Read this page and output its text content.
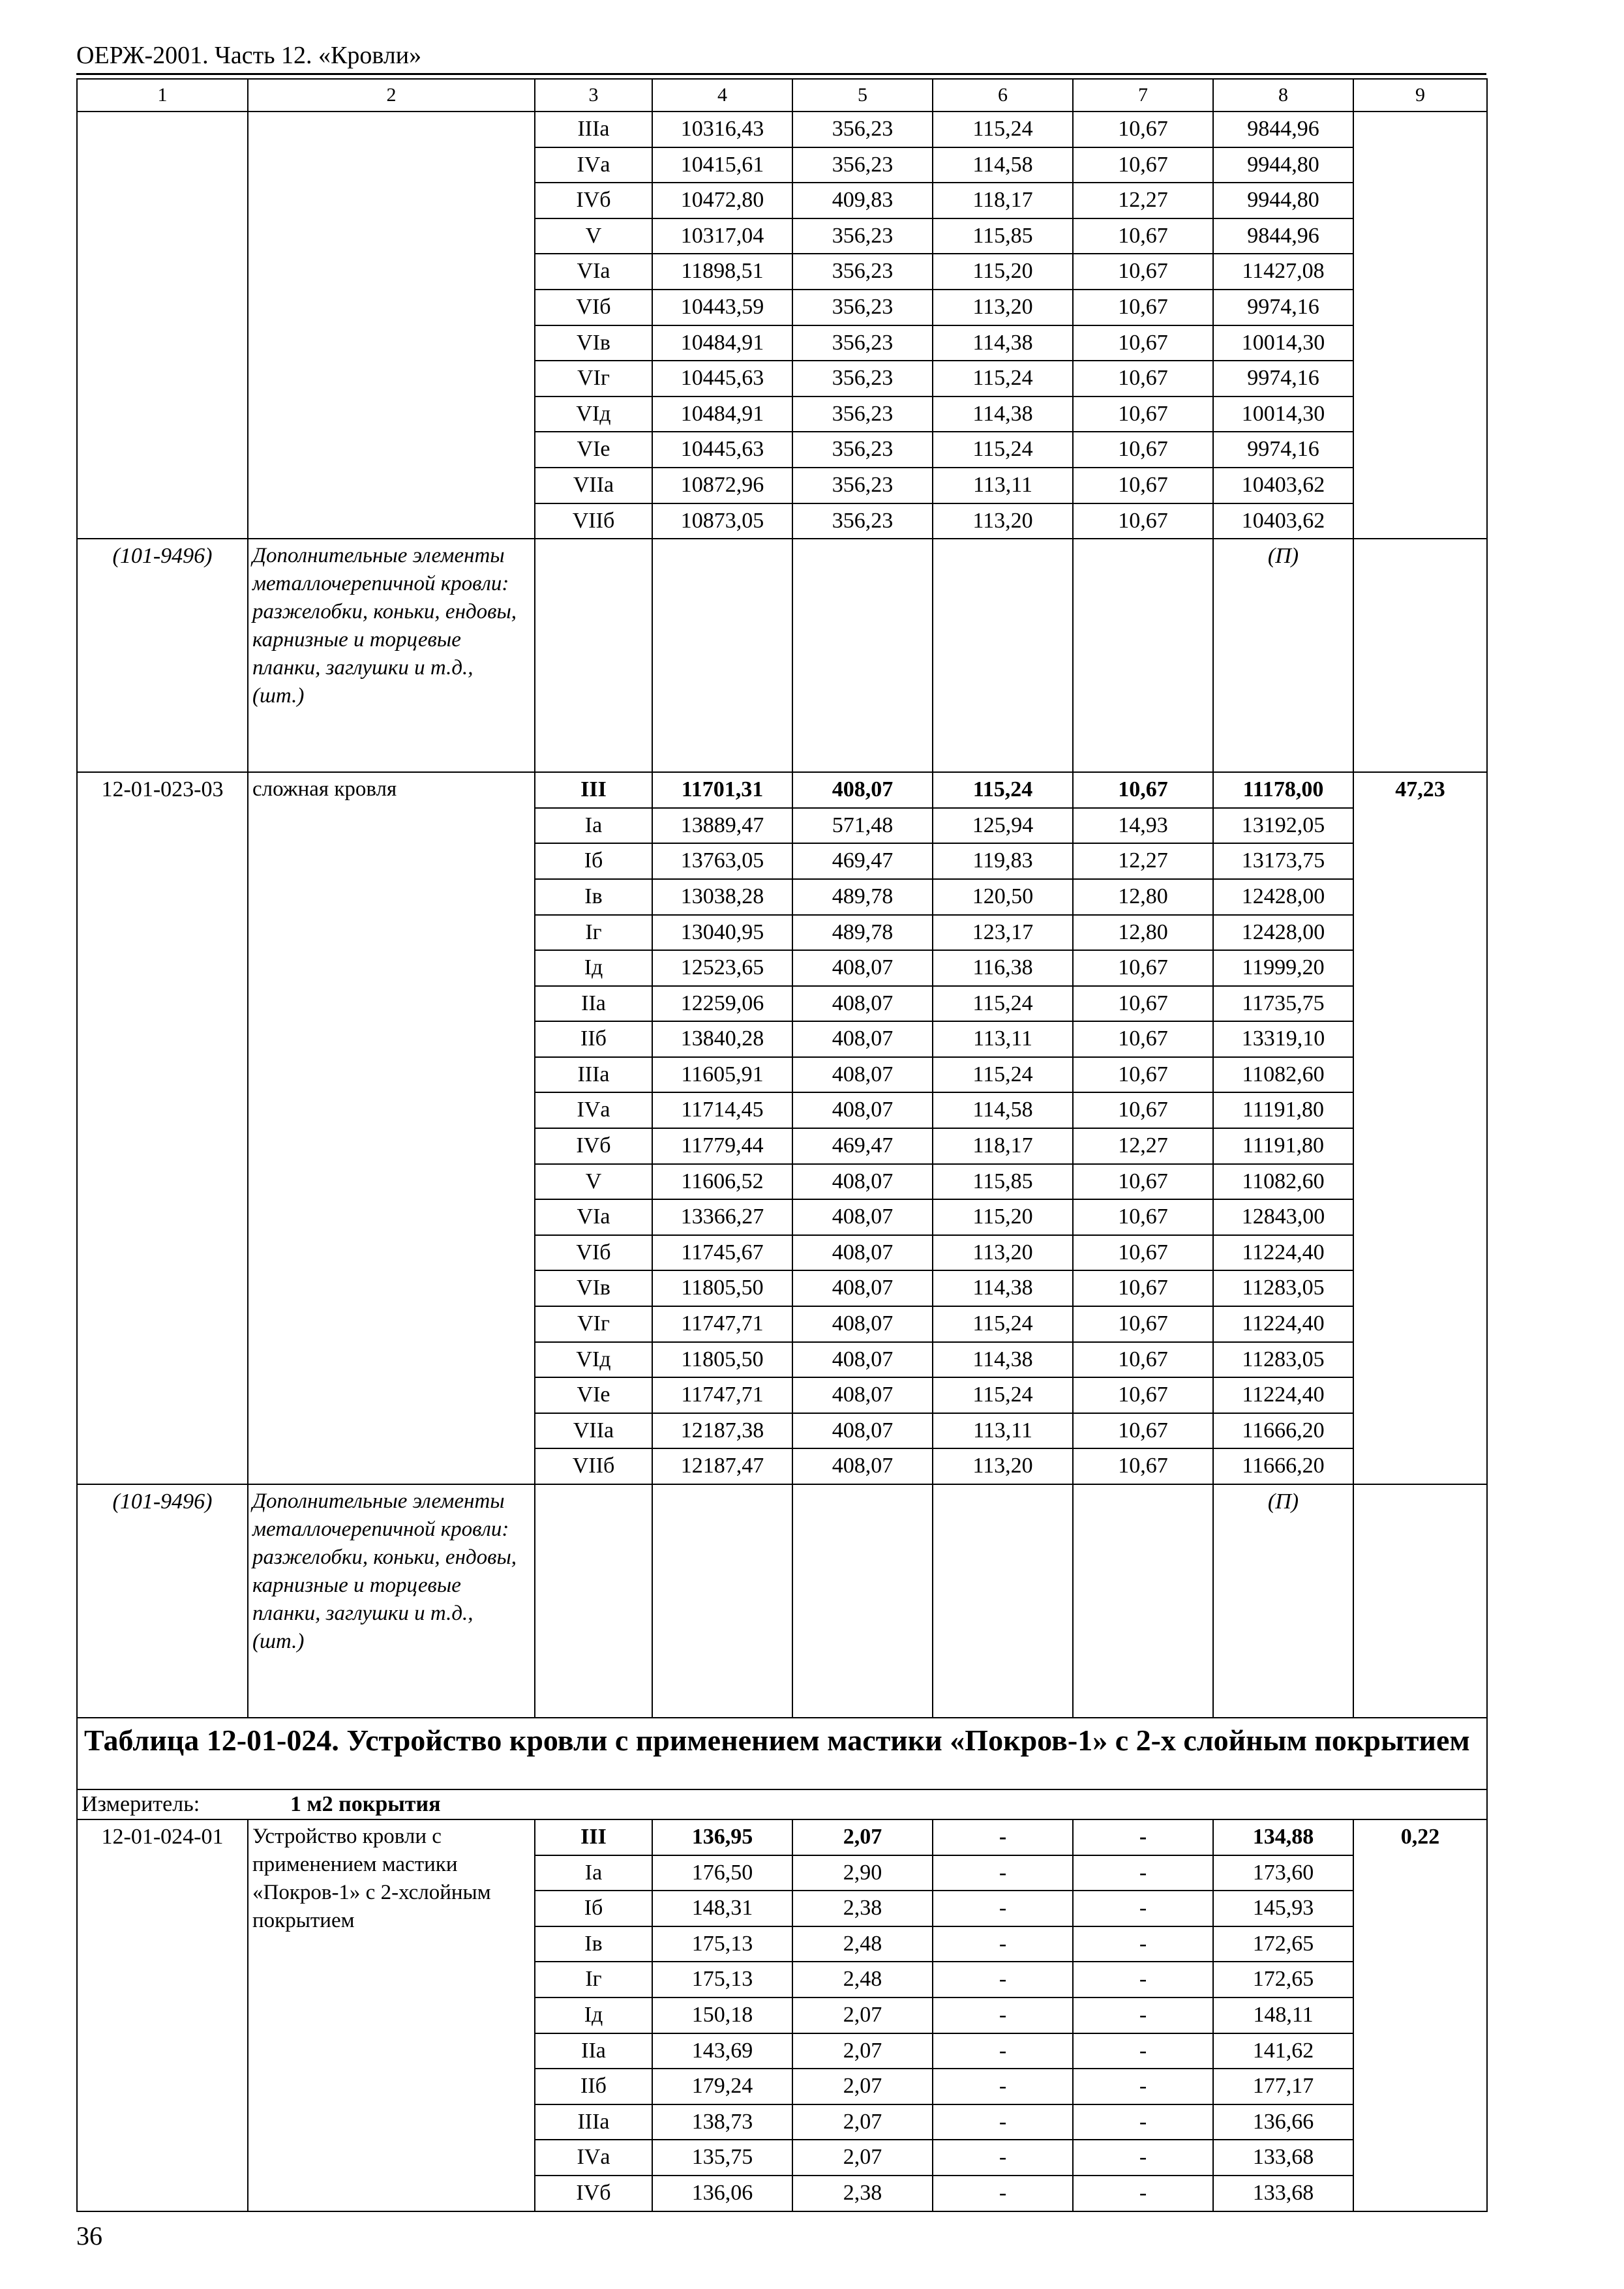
ОЕРЖ-2001. Часть 12. «Кровли»
1	2	3	4	5	6	7	8	9
		IIIа	10316,43	356,23	115,24	10,67	9844,96	
		IVа	10415,61	356,23	114,58	10,67	9944,80	
		IVб	10472,80	409,83	118,17	12,27	9944,80	
		V	10317,04	356,23	115,85	10,67	9844,96	
		VIа	11898,51	356,23	115,20	10,67	11427,08	
		VIб	10443,59	356,23	113,20	10,67	9974,16	
		VIв	10484,91	356,23	114,38	10,67	10014,30	
		VIг	10445,63	356,23	115,24	10,67	9974,16	
		VIд	10484,91	356,23	114,38	10,67	10014,30	
		VIе	10445,63	356,23	115,24	10,67	9974,16	
		VIIа	10872,96	356,23	113,11	10,67	10403,62	
		VIIб	10873,05	356,23	113,20	10,67	10403,62	
(101-9496)	Дополнительные элементы металлочерепичной кровли: разжелобки, коньки, ендовы, карнизные и торцевые планки, заглушки и т.д., (шт.)						(П)	
12-01-023-03	сложная кровля	III	11701,31	408,07	115,24	10,67	11178,00	47,23
		Iа	13889,47	571,48	125,94	14,93	13192,05	
		Iб	13763,05	469,47	119,83	12,27	13173,75	
		Iв	13038,28	489,78	120,50	12,80	12428,00	
		Iг	13040,95	489,78	123,17	12,80	12428,00	
		Iд	12523,65	408,07	116,38	10,67	11999,20	
		IIа	12259,06	408,07	115,24	10,67	11735,75	
		IIб	13840,28	408,07	113,11	10,67	13319,10	
		IIIа	11605,91	408,07	115,24	10,67	11082,60	
		IVа	11714,45	408,07	114,58	10,67	11191,80	
		IVб	11779,44	469,47	118,17	12,27	11191,80	
		V	11606,52	408,07	115,85	10,67	11082,60	
		VIа	13366,27	408,07	115,20	10,67	12843,00	
		VIб	11745,67	408,07	113,20	10,67	11224,40	
		VIв	11805,50	408,07	114,38	10,67	11283,05	
		VIг	11747,71	408,07	115,24	10,67	11224,40	
		VIд	11805,50	408,07	114,38	10,67	11283,05	
		VIе	11747,71	408,07	115,24	10,67	11224,40	
		VIIа	12187,38	408,07	113,11	10,67	11666,20	
		VIIб	12187,47	408,07	113,20	10,67	11666,20	
(101-9496)	Дополнительные элементы металлочерепичной кровли: разжелобки, коньки, ендовы, карнизные и торцевые планки, заглушки и т.д., (шт.)						(П)	
Таблица 12-01-024. Устройство кровли с применением мастики «Покров-1» с 2-х слойным покрытием								
Измеритель: 1 м2 покрытия								
12-01-024-01	Устройство кровли с применением мастики «Покров-1» с 2-хслойным покрытием	III	136,95	2,07	-	-	134,88	0,22
		Iа	176,50	2,90	-	-	173,60	
		Iб	148,31	2,38	-	-	145,93	
		Iв	175,13	2,48	-	-	172,65	
		Iг	175,13	2,48	-	-	172,65	
		Iд	150,18	2,07	-	-	148,11	
		IIа	143,69	2,07	-	-	141,62	
		IIб	179,24	2,07	-	-	177,17	
		IIIа	138,73	2,07	-	-	136,66	
		IVа	135,75	2,07	-	-	133,68	
		IVб	136,06	2,38	-	-	133,68	
36
